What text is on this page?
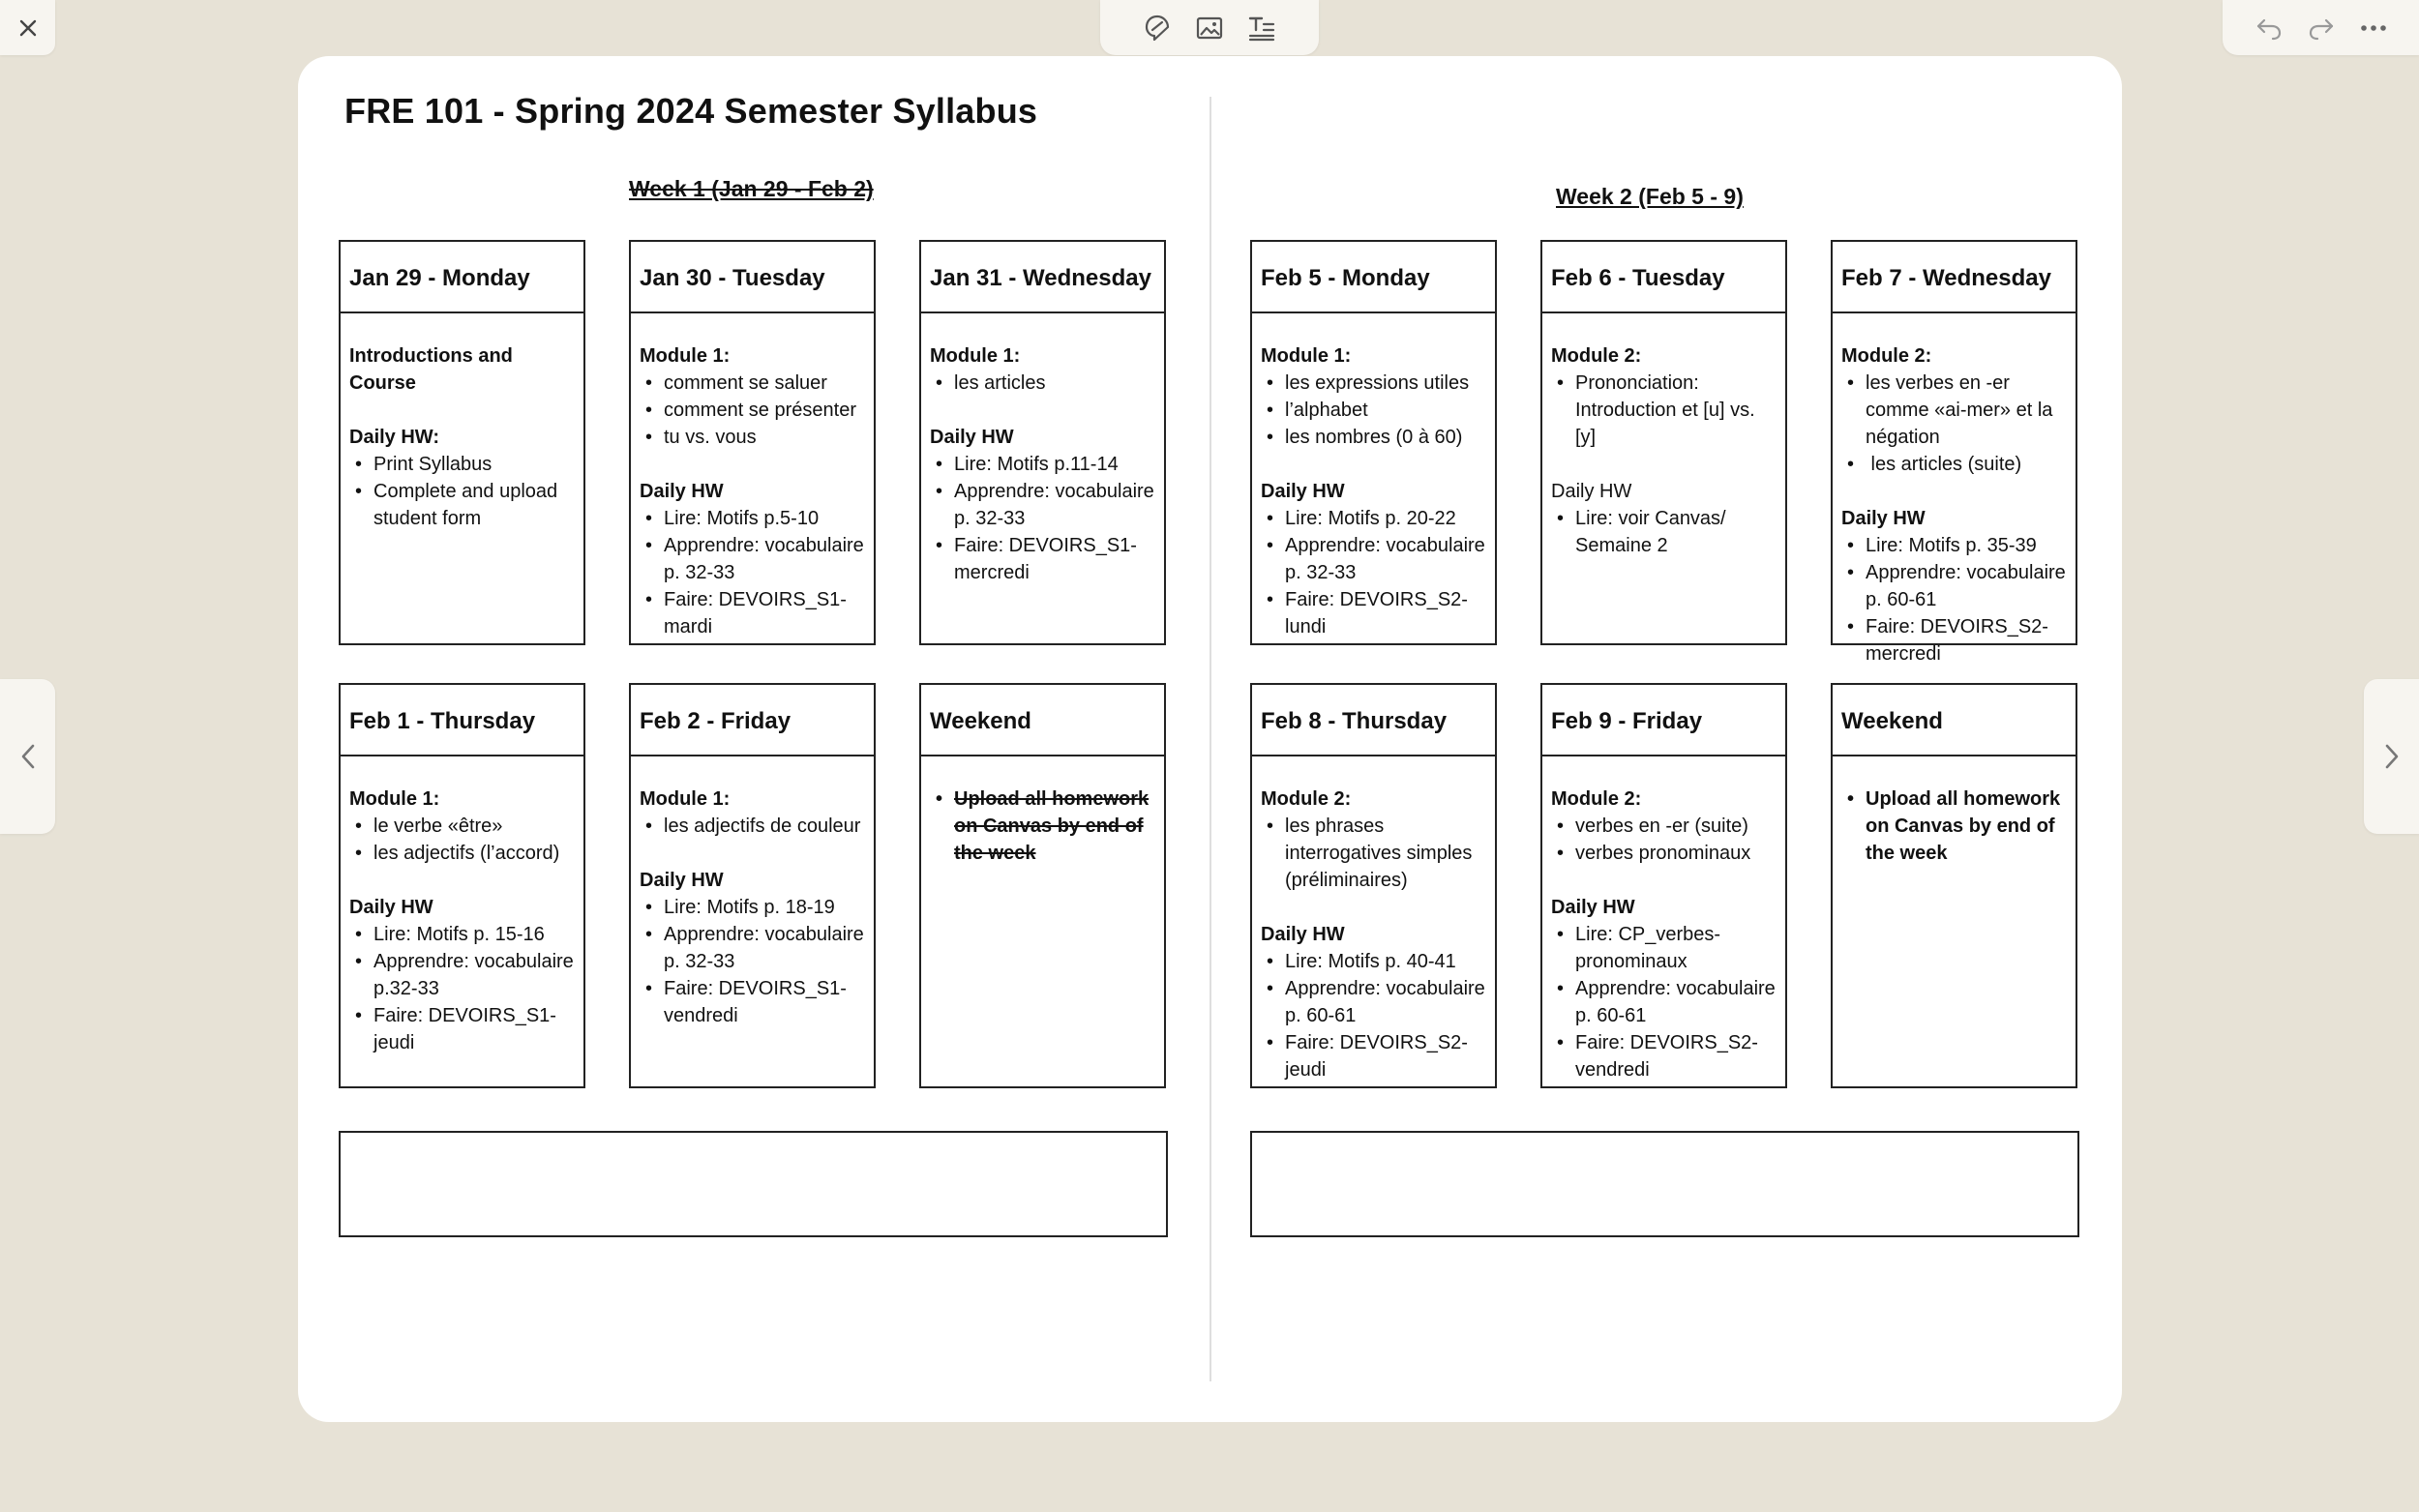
FRE 101 - Spring 2024 Semester Syllabus
Week 1 (Jan 29 - Feb 2)	Week 2 (Feb 5 - 9)
Jan 29 - Monday
Introductions and Course
Daily HW:
• Print Syllabus
• Complete and upload student form
Jan 30 - Tuesday
Module 1:
• comment se saluer
• comment se présenter
• tu vs. vous
Daily HW
• Lire: Motifs p.5-10
• Apprendre: vocabulaire p. 32-33
• Faire: DEVOIRS_S1-mardi
Jan 31 - Wednesday
Module 1:
• les articles
Daily HW
• Lire: Motifs p.11-14
• Apprendre: vocabulaire p. 32-33
• Faire: DEVOIRS_S1-mercredi
Feb 1 - Thursday
Module 1:
• le verbe «être»
• les adjectifs (l’accord)
Daily HW
• Lire: Motifs p. 15-16
• Apprendre: vocabulaire p.32-33
• Faire: DEVOIRS_S1-jeudi
Feb 2 - Friday
Module 1:
• les adjectifs de couleur
Daily HW
• Lire: Motifs p. 18-19
• Apprendre: vocabulaire p. 32-33
• Faire: DEVOIRS_S1-vendredi
Weekend
• Upload all homework on Canvas by end of the week
Feb 5 - Monday
Module 1:
• les expressions utiles
• l’alphabet
• les nombres (0 à 60)
Daily HW
• Lire: Motifs p. 20-22
• Apprendre: vocabulaire p. 32-33
• Faire: DEVOIRS_S2-lundi
Feb 6 - Tuesday
Module 2:
• Prononciation: Introduction et [u] vs. [y]
Daily HW
• Lire: voir Canvas/ Semaine 2
Feb 7 - Wednesday
Module 2:
• les verbes en -er comme «ai-mer» et la négation
•  les articles (suite)
Daily HW
• Lire: Motifs p. 35-39
• Apprendre: vocabulaire p. 60-61
• Faire: DEVOIRS_S2-mercredi
Feb 8 - Thursday
Module 2:
• les phrases interrogatives simples (préliminaires)
Daily HW
• Lire: Motifs p. 40-41
• Apprendre: vocabulaire p. 60-61
• Faire: DEVOIRS_S2-jeudi
Feb 9 - Friday
Module 2:
• verbes en -er (suite)
• verbes pronominaux
Daily HW
• Lire: CP_verbes-pronominaux
• Apprendre: vocabulaire p. 60-61
• Faire: DEVOIRS_S2-vendredi
Weekend
• Upload all homework on Canvas by end of the week
